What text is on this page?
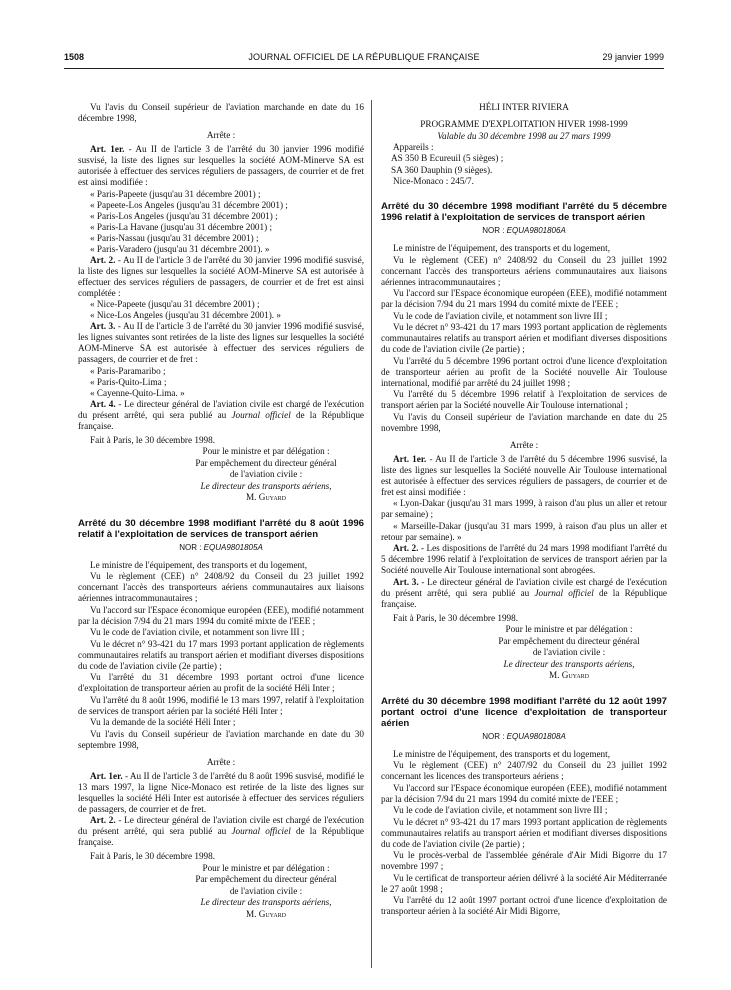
1508	JOURNAL OFFICIEL DE LA RÉPUBLIQUE FRANÇAISE	29 janvier 1999

Vu l'avis du Conseil supérieur de l'aviation marchande en date du 16 décembre 1998,

Arrête :

Art. 1er. - Au II de l'article 3 de l'arrêté du 30 janvier 1996 modifié susvisé, la liste des lignes sur lesquelles la société AOM-Minerve SA est autorisée à effectuer des services réguliers de passagers, de courrier et de fret est ainsi modifiée :

« Paris-Papeete (jusqu'au 31 décembre 2001) ;

« Papeete-Los Angeles (jusqu'au 31 décembre 2001) ;

« Paris-Los Angeles (jusqu'au 31 décembre 2001) ;

« Paris-La Havane (jusqu'au 31 décembre 2001) ;

« Paris-Nassau (jusqu'au 31 décembre 2001) ;

« Paris-Varadero (jusqu'au 31 décembre 2001). »

Art. 2. - Au II de l'article 3 de l'arrêté du 30 janvier 1996 modifié susvisé, la liste des lignes sur lesquelles la société AOM-Minerve SA est autorisée à effectuer des services réguliers de passagers, de courrier et de fret est ainsi complétée :

« Nice-Papeete (jusqu'au 31 décembre 2001) ;

« Nice-Los Angeles (jusqu'au 31 décembre 2001). »

Art. 3. - Au II de l'article 3 de l'arrêté du 30 janvier 1996 modifié susvisé, les lignes suivantes sont retirées de la liste des lignes sur lesquelles la société AOM-Minerve SA est autorisée à effectuer des services réguliers de passagers, de courrier et de fret :

« Paris-Paramaribo ;

« Paris-Quito-Lima ;

« Cayenne-Quito-Lima. »

Art. 4. - Le directeur général de l'aviation civile est chargé de l'exécution du présent arrêté, qui sera publié au Journal officiel de la République française.

Fait à Paris, le 30 décembre 1998.

Pour le ministre et par délégation :

Par empêchement du directeur général

de l'aviation civile :

Le directeur des transports aériens,

M. Guyard

Arrêté du 30 décembre 1998 modifiant l'arrêté du 8 août 1996 relatif à l'exploitation de services de transport aérien
NOR : EQUA9801805A

Le ministre de l'équipement, des transports et du logement,

Vu le règlement (CEE) n° 2408/92 du Conseil du 23 juillet 1992 concernant l'accès des transporteurs aériens communautaires aux liaisons aériennes intracommunautaires ;

Vu l'accord sur l'Espace économique européen (EEE), modifié notamment par la décision 7/94 du 21 mars 1994 du comité mixte de l'EEE ;

Vu le code de l'aviation civile, et notamment son livre III ;

Vu le décret n° 93-421 du 17 mars 1993 portant application de règlements communautaires relatifs au transport aérien et modifiant diverses dispositions du code de l'aviation civile (2e partie) ;

Vu l'arrêté du 31 décembre 1993 portant octroi d'une licence d'exploitation de transporteur aérien au profit de la société Héli Inter ;

Vu l'arrêté du 8 août 1996, modifié le 13 mars 1997, relatif à l'exploitation de services de transport aérien par la société Héli Inter ;

Vu la demande de la société Héli Inter ;

Vu l'avis du Conseil supérieur de l'aviation marchande en date du 30 septembre 1998,

Arrête :

Art. 1er. - Au II de l'article 3 de l'arrêté du 8 août 1996 susvisé, modifié le 13 mars 1997, la ligne Nice-Monaco est retirée de la liste des lignes sur lesquelles la société Héli Inter est autorisée à effectuer des services réguliers de passagers, de courrier et de fret.

Art. 2. - Le directeur général de l'aviation civile est chargé de l'exécution du présent arrêté, qui sera publié au Journal officiel de la République française.

Fait à Paris, le 30 décembre 1998.

Pour le ministre et par délégation :

Par empêchement du directeur général

de l'aviation civile :

Le directeur des transports aériens,

M. Guyard

HÉLI INTER RIVIERA

PROGRAMME D'EXPLOITATION HIVER 1998-1999

Valable du 30 décembre 1998 au 27 mars 1999

Appareils :

AS 350 B Ecureuil (5 sièges) ;

SA 360 Dauphin (9 sièges).

Nice-Monaco : 245/7.

Arrêté du 30 décembre 1998 modifiant l'arrêté du 5 décembre 1996 relatif à l'exploitation de services de transport aérien
NOR : EQUA9801806A

Le ministre de l'équipement, des transports et du logement,

Vu le règlement (CEE) n° 2408/92 du Conseil du 23 juillet 1992 concernant l'accès des transporteurs aériens communautaires aux liaisons aériennes intracommunautaires ;

Vu l'accord sur l'Espace économique européen (EEE), modifié notamment par la décision 7/94 du 21 mars 1994 du comité mixte de l'EEE ;

Vu le code de l'aviation civile, et notamment son livre III ;

Vu le décret n° 93-421 du 17 mars 1993 portant application de règlements communautaires relatifs au transport aérien et modifiant diverses dispositions du code de l'aviation civile (2e partie) ;

Vu l'arrêté du 5 décembre 1996 portant octroi d'une licence d'exploitation de transporteur aérien au profit de la Société nouvelle Air Toulouse international, modifié par arrêté du 24 juillet 1998 ;

Vu l'arrêté du 5 décembre 1996 relatif à l'exploitation de services de transport aérien par la Société nouvelle Air Toulouse international ;

Vu l'avis du Conseil supérieur de l'aviation marchande en date du 25 novembre 1998,

Arrête :

Art. 1er. - Au II de l'article 3 de l'arrêté du 5 décembre 1996 susvisé, la liste des lignes sur lesquelles la Société nouvelle Air Toulouse international est autorisée à effectuer des services réguliers de passagers, de courrier et de fret est ainsi modifiée :

« Lyon-Dakar (jusqu'au 31 mars 1999, à raison d'au plus un aller et retour par semaine) ;

« Marseille-Dakar (jusqu'au 31 mars 1999, à raison d'au plus un aller et retour par semaine). »

Art. 2. - Les dispositions de l'arrêté du 24 mars 1998 modifiant l'arrêté du 5 décembre 1996 relatif à l'exploitation de services de transport aérien par la Société nouvelle Air Toulouse international sont abrogées.

Art. 3. - Le directeur général de l'aviation civile est chargé de l'exécution du présent arrêté, qui sera publié au Journal officiel de la République française.

Fait à Paris, le 30 décembre 1998.

Pour le ministre et par délégation :

Par empêchement du directeur général

de l'aviation civile :

Le directeur des transports aériens,

M. Guyard

Arrêté du 30 décembre 1998 modifiant l'arrêté du 12 août 1997 portant octroi d'une licence d'exploitation de transporteur aérien
NOR : EQUA9801808A

Le ministre de l'équipement, des transports et du logement,

Vu le règlement (CEE) n° 2407/92 du Conseil du 23 juillet 1992 concernant les licences des transporteurs aériens ;

Vu l'accord sur l'Espace économique européen (EEE), modifié notamment par la décision 7/94 du 21 mars 1994 du comité mixte de l'EEE ;

Vu le code de l'aviation civile, et notamment son livre III ;

Vu le décret n° 93-421 du 17 mars 1993 portant application de règlements communautaires relatifs au transport aérien et modifiant diverses dispositions du code de l'aviation civile (2e partie) ;

Vu le procès-verbal de l'assemblée générale d'Air Midi Bigorre du 17 novembre 1997 ;

Vu le certificat de transporteur aérien délivré à la société Air Méditerranée le 27 août 1998 ;

Vu l'arrêté du 12 août 1997 portant octroi d'une licence d'exploitation de transporteur aérien à la société Air Midi Bigorre,
